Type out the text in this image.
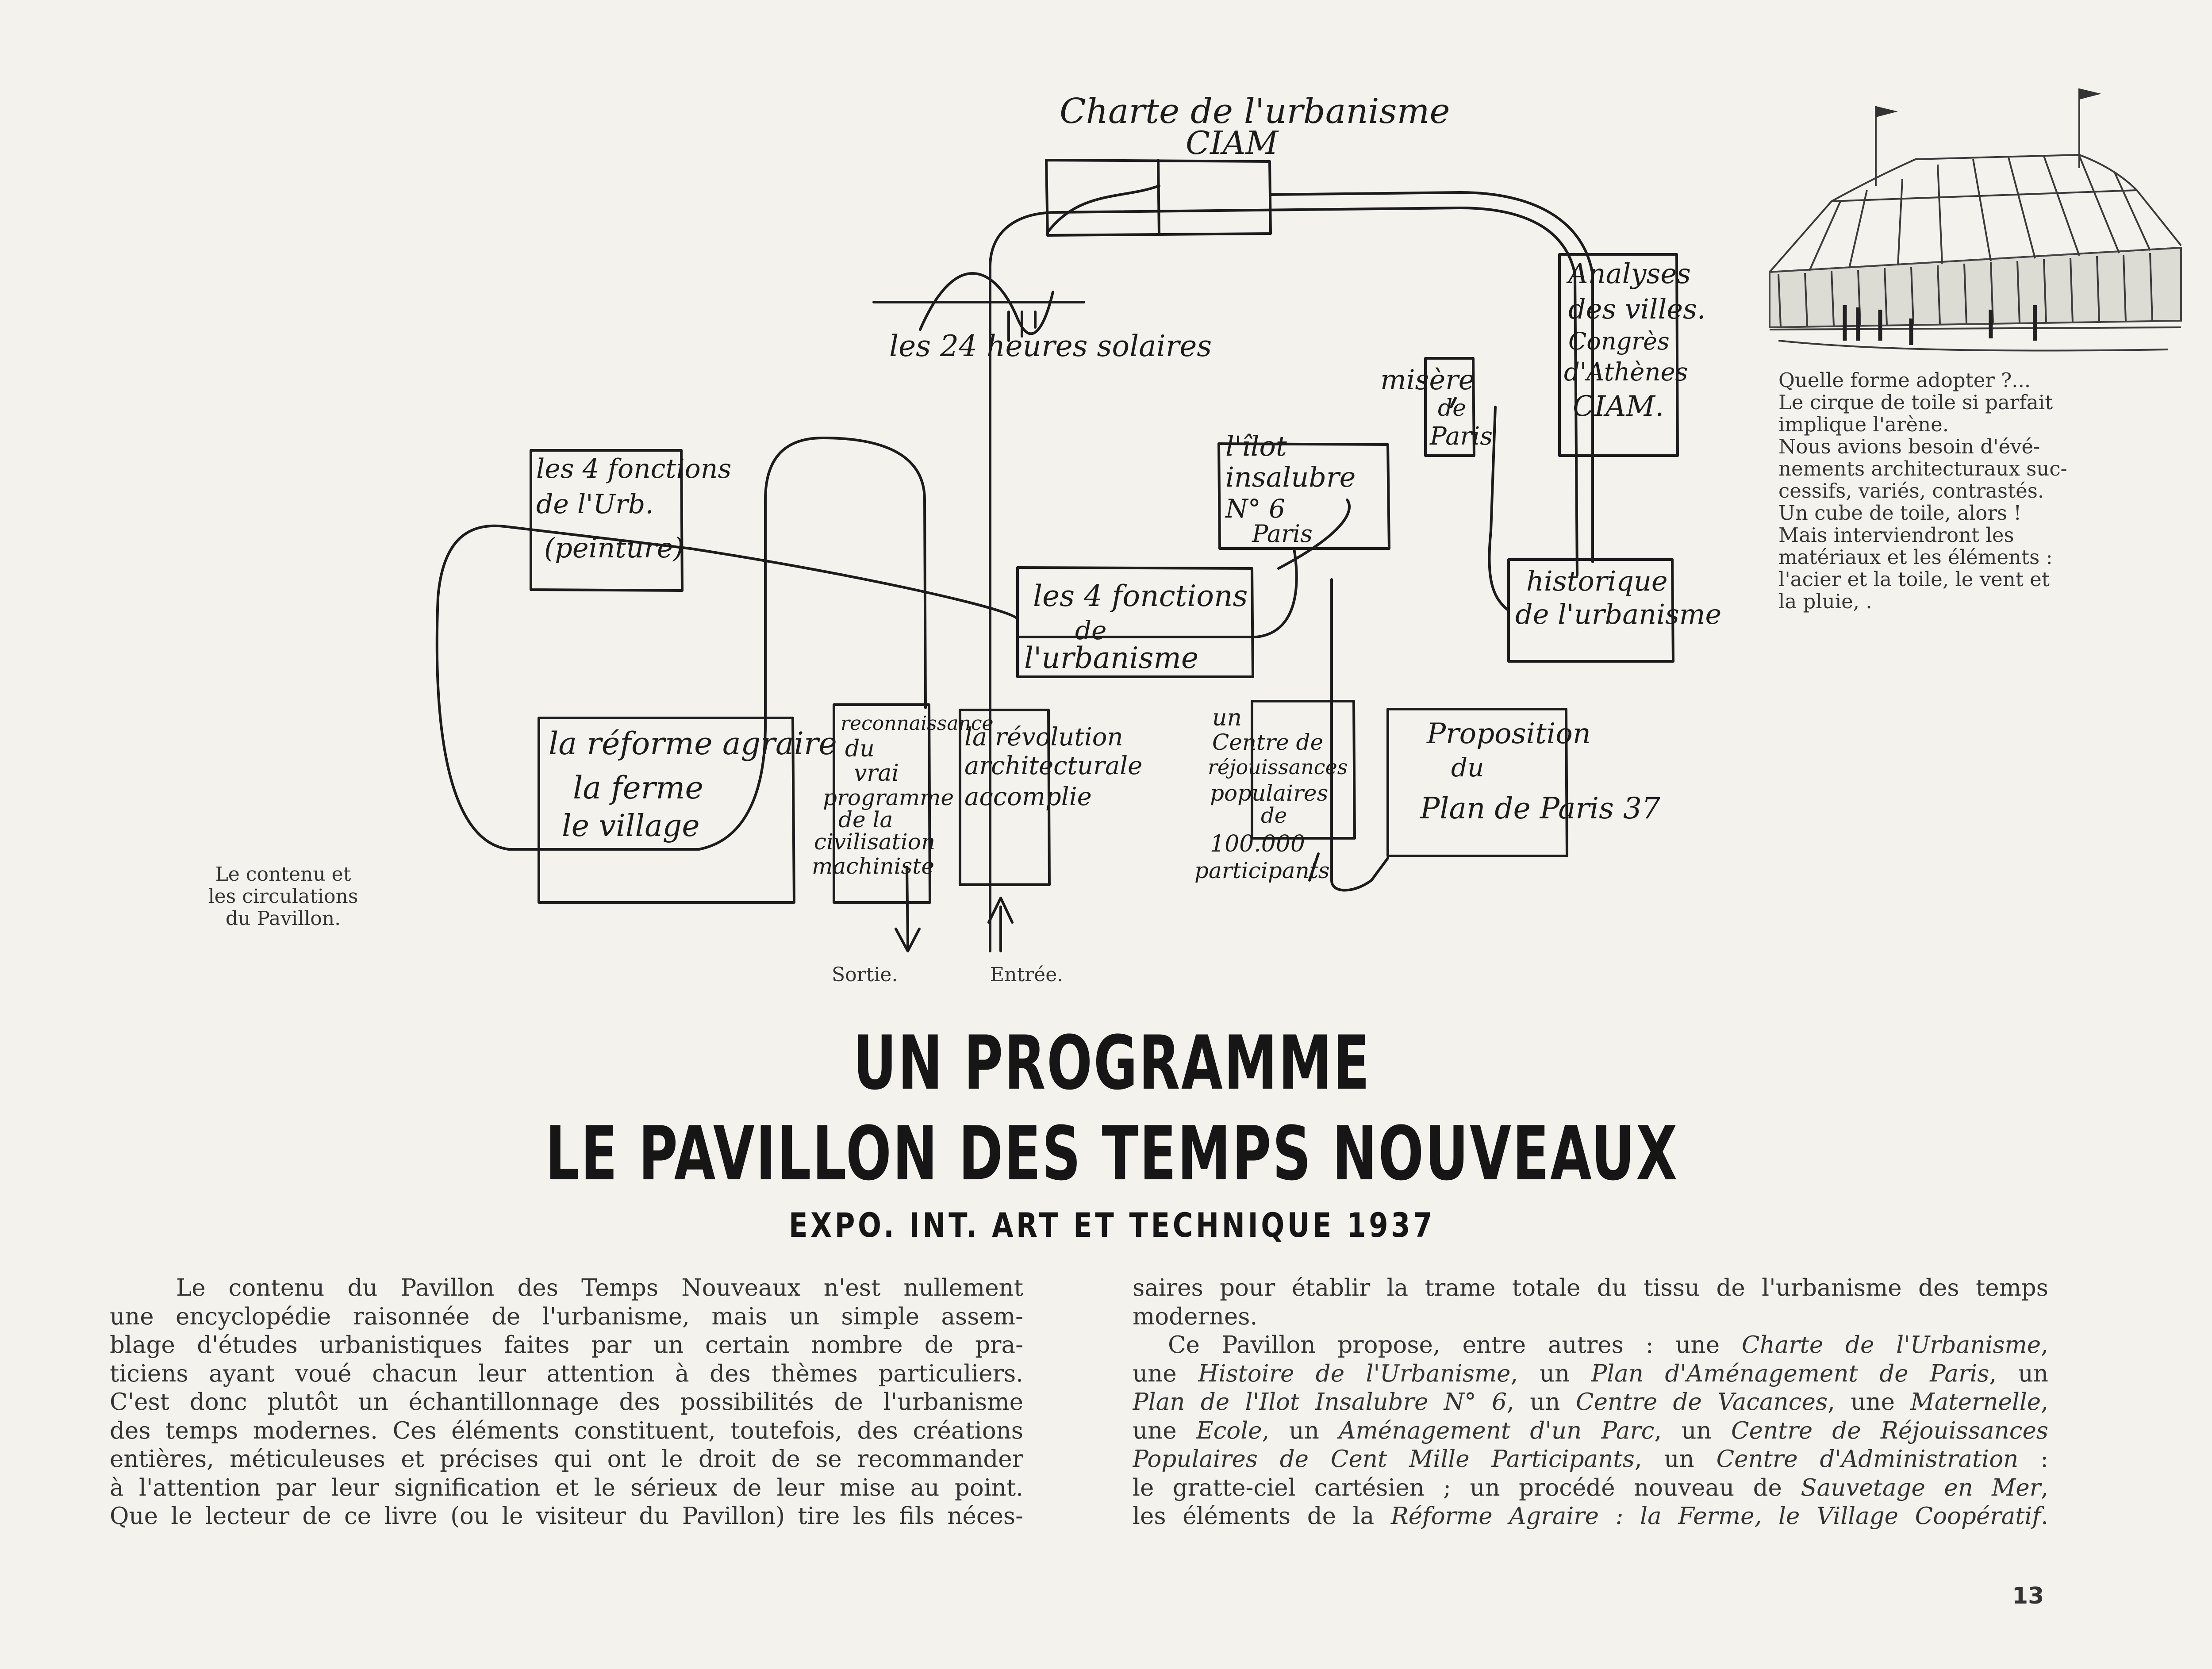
Charte de l'urbanisme
CIAM
les 24 heures solaires
Analyses
des villes.
Congrès
d'Athènes
CIAM.
misère
de
Paris
l'îlot
insalubre
N° 6
Paris
les 4 fonctions
de l'Urb.
(peinture)
les 4 fonctions
de
l'urbanisme
historique
de l'urbanisme
la réforme agraire
la ferme
le village
reconnaissance
du
vrai
programme
de la
civilisation
machiniste
la révolution
architecturale
accomplie
un
Centre de
réjouissances
populaires
de
100.000
participants
Proposition
du
Plan de Paris 37
Quelle forme adopter ?...
Le cirque de toile si parfait
implique l'arène.
Nous avions besoin d'évé-
nements architecturaux suc-
cessifs, variés, contrastés.
Un cube de toile, alors !
Mais interviendront les
matériaux et les éléments :
l'acier et la toile, le vent et
la pluie, .
Le contenu et
les circulations
du Pavillon.
Sortie.	Entrée.
UN PROGRAMME
LE PAVILLON DES TEMPS NOUVEAUX
EXPO. INT. ART ET TECHNIQUE 1937
Le contenu du Pavillon des Temps Nouveaux n'est nullement
une encyclopédie raisonnée de l'urbanisme, mais un simple assem-
blage d'études urbanistiques faites par un certain nombre de pra-
ticiens ayant voué chacun leur attention à des thèmes particuliers.
C'est donc plutôt un échantillonnage des possibilités de l'urbanisme
des temps modernes. Ces éléments constituent, toutefois, des créations
entières, méticuleuses et précises qui ont le droit de se recommander
à l'attention par leur signification et le sérieux de leur mise au point.
Que le lecteur de ce livre (ou le visiteur du Pavillon) tire les fils néces-
saires pour établir la trame totale du tissu de l'urbanisme des temps
modernes.
Ce Pavillon propose, entre autres : une Charte de l'Urbanisme,
une Histoire de l'Urbanisme, un Plan d'Aménagement de Paris, un
Plan de l'Ilot Insalubre N° 6, un Centre de Vacances, une Maternelle,
une Ecole, un Aménagement d'un Parc, un Centre de Réjouissances
Populaires de Cent Mille Participants, un Centre d'Administration :
le gratte-ciel cartésien ; un procédé nouveau de Sauvetage en Mer,
les éléments de la Réforme Agraire : la Ferme, le Village Coopératif.
13
